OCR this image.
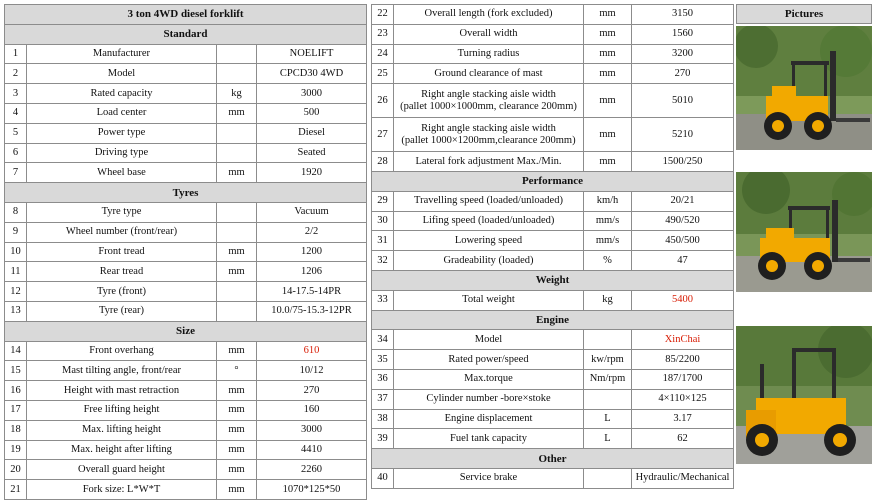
3 ton 4WD diesel forklift			
Standard			
1	Manufacturer		NOELIFT
2	Model		CPCD30 4WD
3	Rated capacity	kg	3000
4	Load center	mm	500
5	Power type		Diesel
6	Driving type		Seated
7	Wheel base	mm	1920
Tyres			
8	Tyre type		Vacuum
9	Wheel number (front/rear)		2/2
10	Front tread	mm	1200
11	Rear tread	mm	1206
12	Tyre (front)		14-17.5-14PR
13	Tyre (rear)		10.0/75-15.3-12PR
Size			
14	Front overhang	mm	610
15	Mast tilting angle, front/rear	°	10/12
16	Height with mast retraction	mm	270
17	Free lifting height	mm	160
18	Max. lifting height	mm	3000
19	Max. height after lifting	mm	4410
20	Overall guard height	mm	2260
21	Fork size: L*W*T	mm	1070*125*50
22	Overall length (fork excluded)	mm	3150
23	Overall width	mm	1560
24	Turning radius	mm	3200
25	Ground clearance of mast	mm	270
26	Right angle stacking aisle width
(pallet 1000×1000mm, clearance 200mm)	mm	5010
27	Right angle stacking aisle width
(pallet 1000×1200mm,clearance 200mm)	mm	5210
28	Lateral fork adjustment Max./Min.	mm	1500/250
Performance			
29	Travelling speed (loaded/unloaded)	km/h	20/21
30	Lifing speed (loaded/unloaded)	mm/s	490/520
31	Lowering speed	mm/s	450/500
32	Gradeability (loaded)	%	47
Weight			
33	Total weight	kg	5400
Engine			
34	Model		XinChai
35	Rated power/speed	kw/rpm	85/2200
36	Max.torque	Nm/rpm	187/1700
37	Cylinder number -bore×stoke		4×110×125
38	Engine displacement	L	3.17
39	Fuel tank capacity	L	62
Other			
40	Service brake		Hydraulic/Mechanical
Pictures
